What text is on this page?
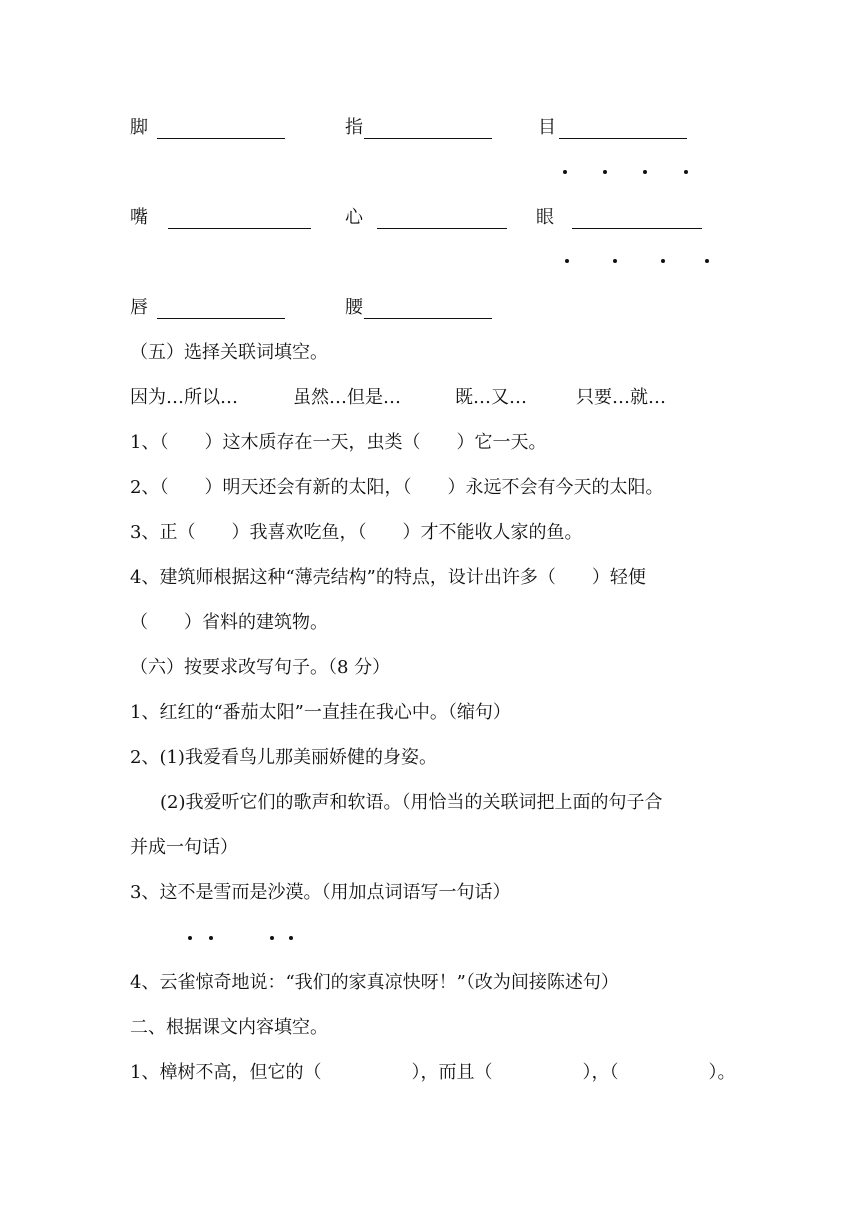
脚	指	目
嘴	心	眼
唇	腰
（五）选择关联词填空。
因为…所以…	虽然…但是…	既…又…	只要…就…
1、（　　）这木质存在一天，虫类（　　）它一天。
2、（　　）明天还会有新的太阳，（　　）永远不会有今天的太阳。
3、正（　　）我喜欢吃鱼，（　　）才不能收人家的鱼。
4、建筑师根据这种“薄壳结构”的特点，设计出许多（　　）轻便
（　　）省料的建筑物。
（六）按要求改写句子。（8 分）
1、红红的“番茄太阳”一直挂在我心中。（缩句）
2、(1)我爱看鸟儿那美丽娇健的身姿。
(2)我爱听它们的歌声和软语。（用恰当的关联词把上面的句子合
并成一句话）
3、这不是雪而是沙漠。（用加点词语写一句话）
4、云雀惊奇地说：“我们的家真凉快呀！”（改为间接陈述句）
二、根据课文内容填空。
1、樟树不高，但它的（　　　　　），而且（　　　　　），（　　　　　）。
